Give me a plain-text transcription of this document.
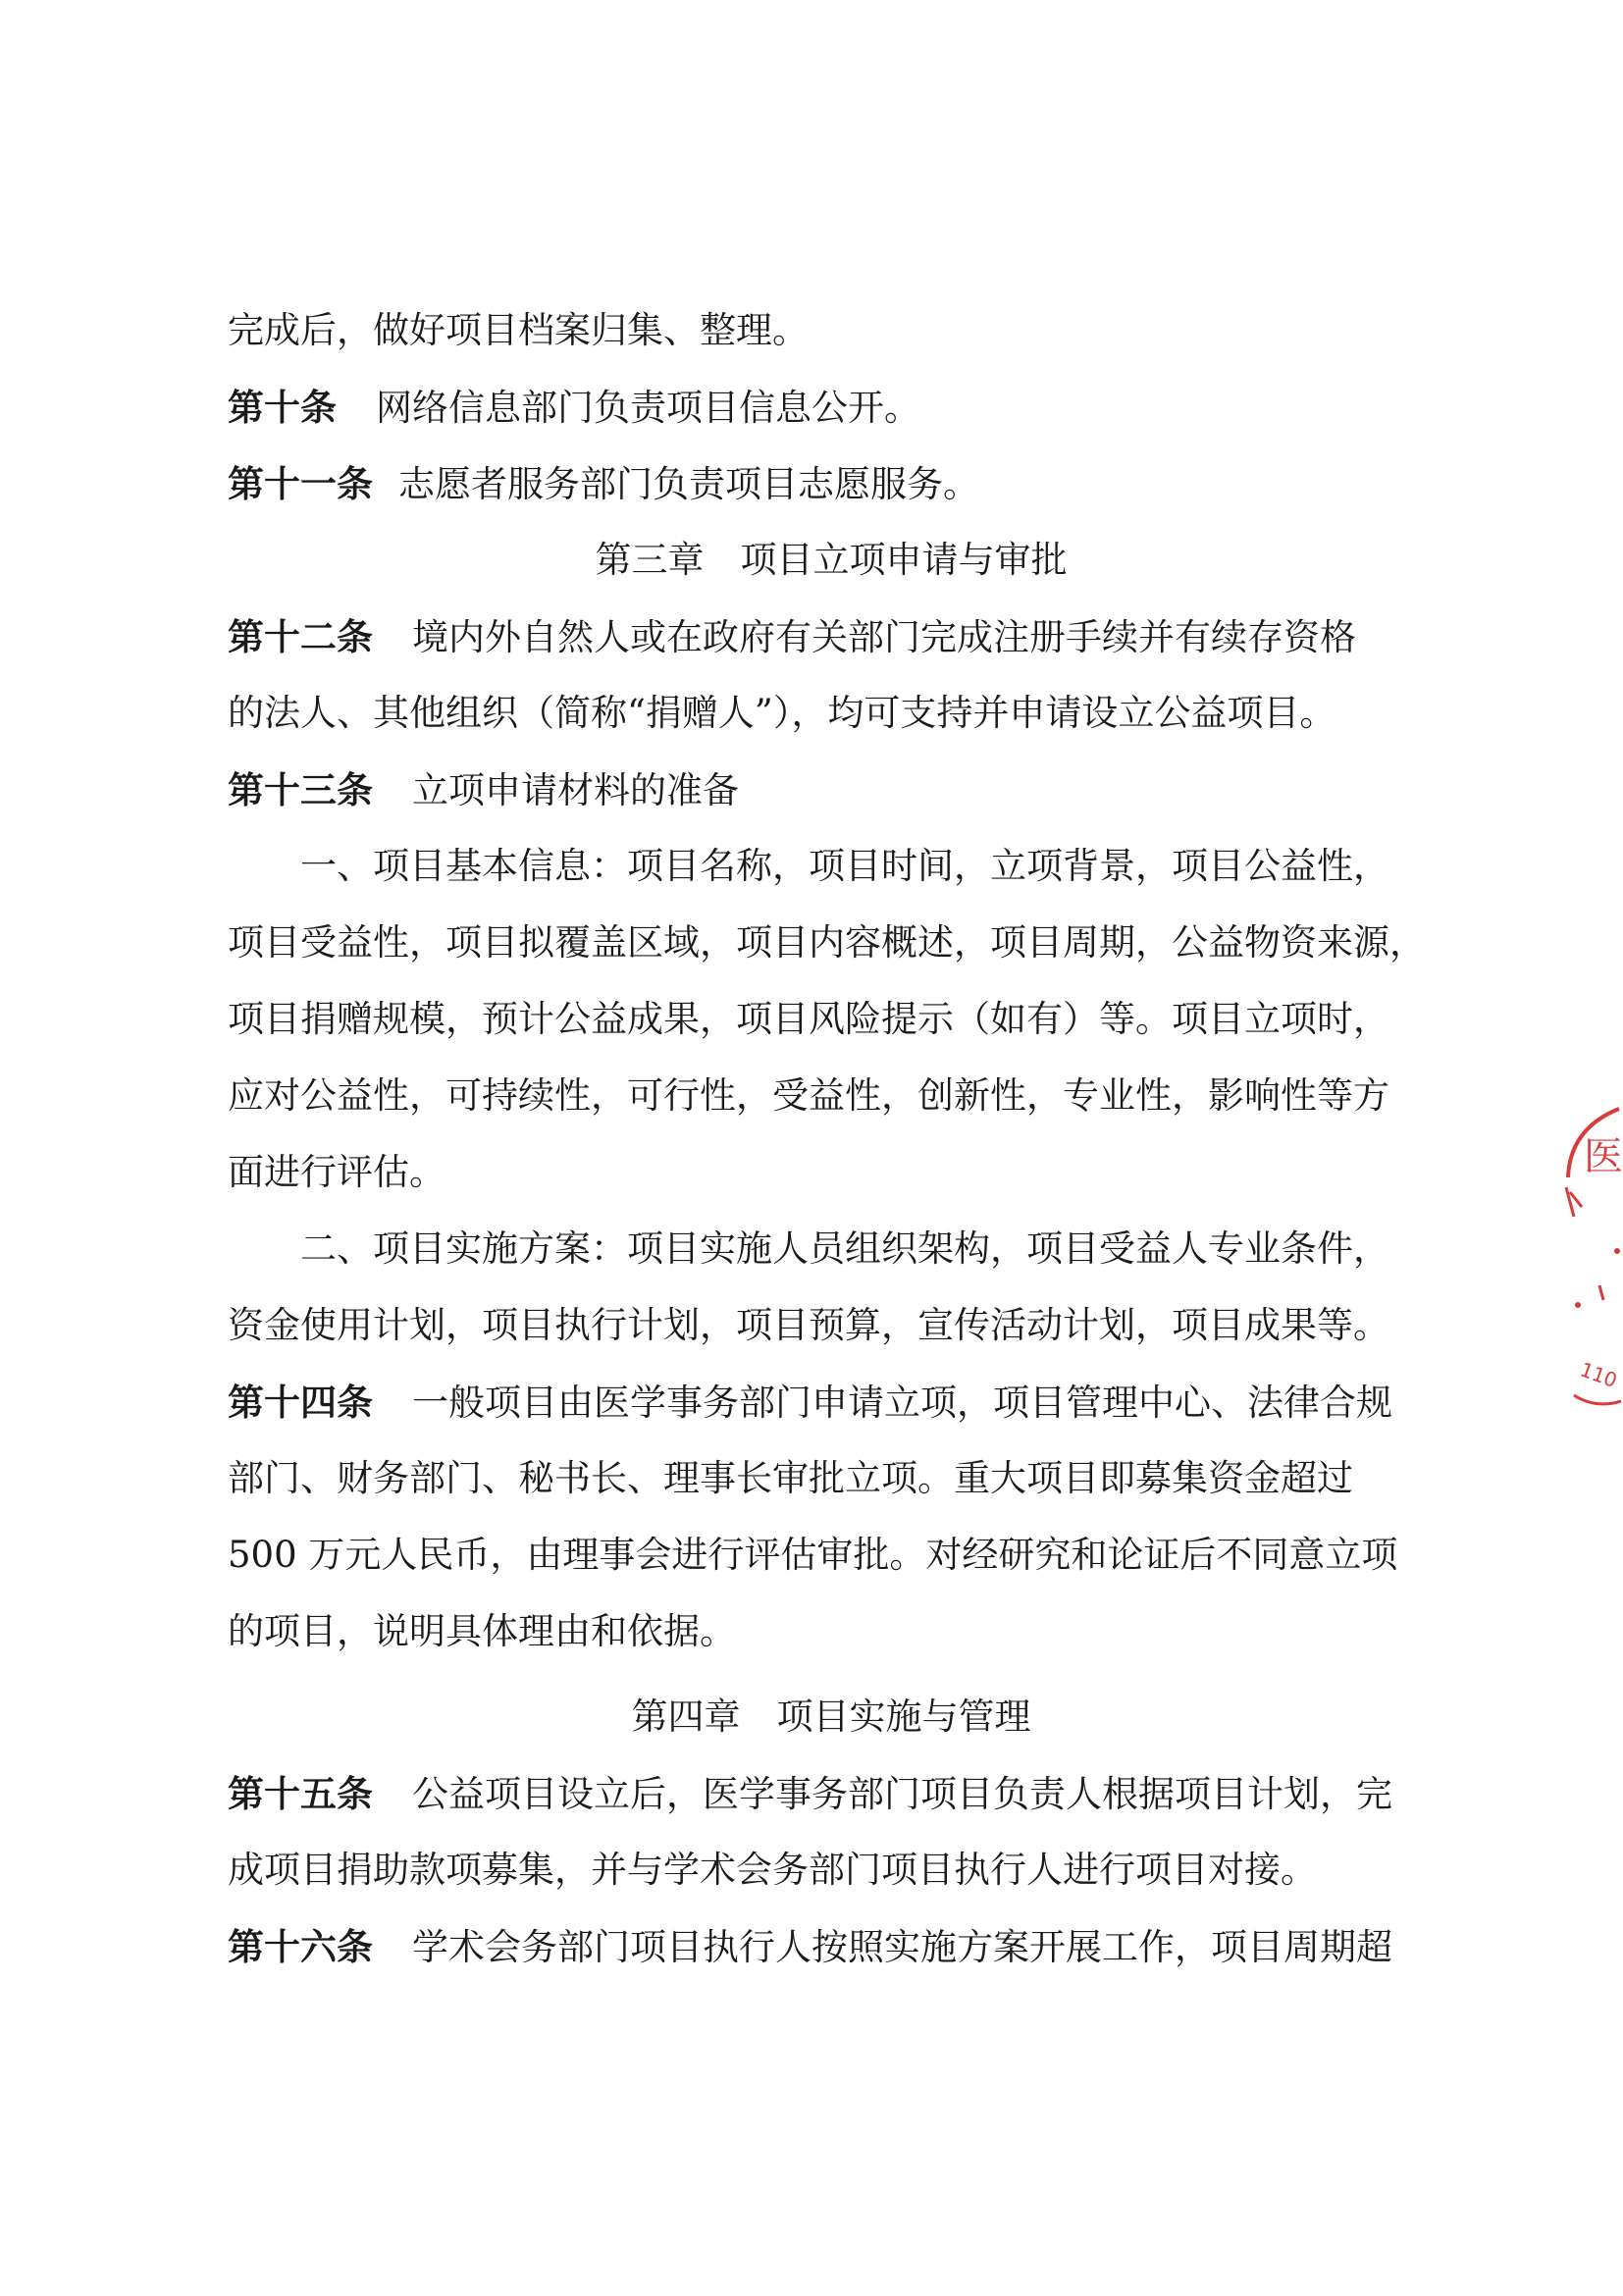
完成后，做好项目档案归集、整理。
第十条 网络信息部门负责项目信息公开。
第十一条 志愿者服务部门负责项目志愿服务。
第三章　项目立项申请与审批
第十二条 境内外自然人或在政府有关部门完成注册手续并有续存资格
的法人、其他组织（简称“捐赠人”），均可支持并申请设立公益项目。
第十三条 立项申请材料的准备
一、项目基本信息：项目名称，项目时间，立项背景，项目公益性，
项目受益性，项目拟覆盖区域，项目内容概述，项目周期，公益物资来源，
项目捐赠规模，预计公益成果，项目风险提示（如有）等。项目立项时，
应对公益性，可持续性，可行性，受益性，创新性，专业性，影响性等方
面进行评估。
二、项目实施方案：项目实施人员组织架构，项目受益人专业条件，
资金使用计划，项目执行计划，项目预算，宣传活动计划，项目成果等。
第十四条 一般项目由医学事务部门申请立项，项目管理中心、法律合规
部门、财务部门、秘书长、理事长审批立项。重大项目即募集资金超过
500 万元人民币，由理事会进行评估审批。对经研究和论证后不同意立项
的项目，说明具体理由和依据。
第四章　项目实施与管理
第十五条 公益项目设立后，医学事务部门项目负责人根据项目计划，完
成项目捐助款项募集，并与学术会务部门项目执行人进行项目对接。
第十六条 学术会务部门项目执行人按照实施方案开展工作，项目周期超
医
110
